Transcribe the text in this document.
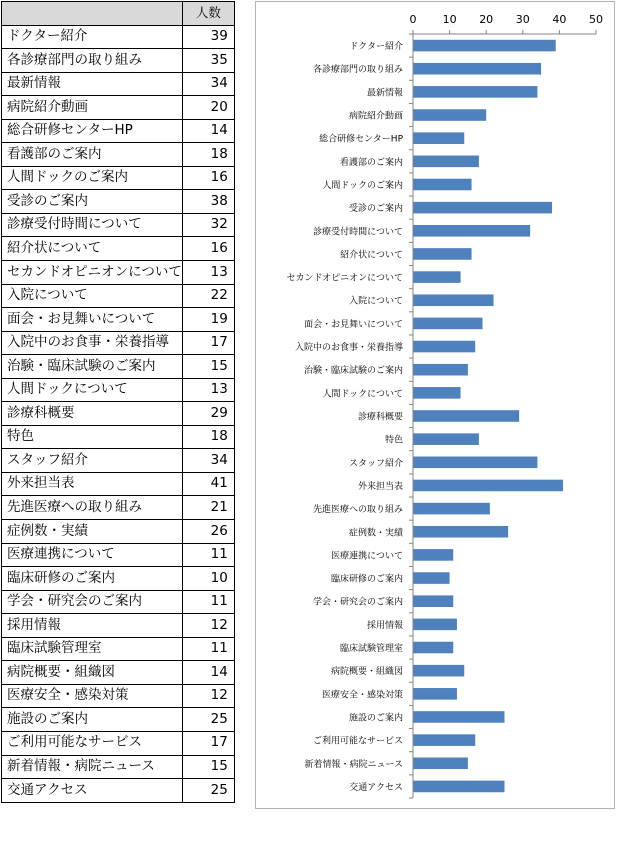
	人数
ドクター紹介	39
各診療部門の取り組み	35
最新情報	34
病院紹介動画	20
総合研修センターHP	14
看護部のご案内	18
人間ドックのご案内	16
受診のご案内	38
診療受付時間について	32
紹介状について	16
セカンドオピニオンについて	13
入院について	22
面会・お見舞いについて	19
入院中のお食事・栄養指導	17
治験・臨床試験のご案内	15
人間ドックについて	13
診療科概要	29
特色	18
スタッフ紹介	34
外来担当表	41
先進医療への取り組み	21
症例数・実績	26
医療連携について	11
臨床研修のご案内	10
学会・研究会のご案内	11
採用情報	12
臨床試験管理室	11
病院概要・組織図	14
医療安全・感染対策	12
施設のご案内	25
ご利用可能なサービス	17
新着情報・病院ニュース	15
交通アクセス	25
0 10 20 30 40 50
ドクター紹介
各診療部門の取り組み
最新情報
病院紹介動画
総合研修センターHP
看護部のご案内
人間ドックのご案内
受診のご案内
診療受付時間について
紹介状について
セカンドオピニオンについて
入院について
面会・お見舞いについて
入院中のお食事・栄養指導
治験・臨床試験のご案内
人間ドックについて
診療科概要
特色
スタッフ紹介
外来担当表
先進医療への取り組み
症例数・実績
医療連携について
臨床研修のご案内
学会・研究会のご案内
採用情報
臨床試験管理室
病院概要・組織図
医療安全・感染対策
施設のご案内
ご利用可能なサービス
新着情報・病院ニュース
交通アクセス
